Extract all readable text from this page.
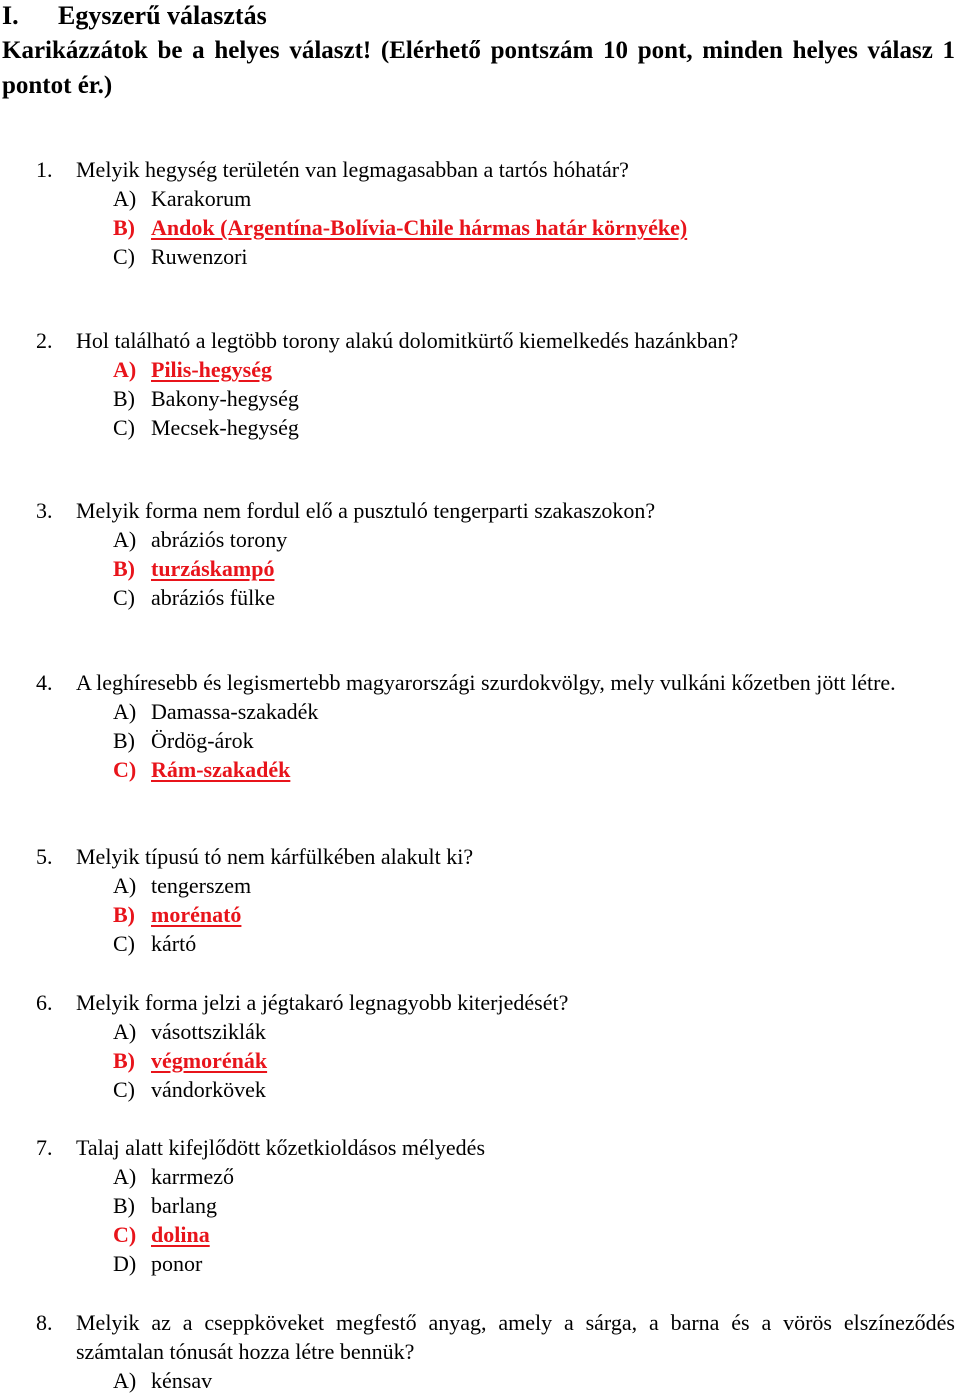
I. Egyszerű választás

Karikázzátok be a helyes választ! (Elérhető pontszám 10 pont, minden helyes válasz 1 pontot ér.)

1. Melyik hegység területén van legmagasabban a tartós hóhatár?

A) Karakorum
B) Andok (Argentína-Bolívia-Chile hármas határ környéke)
C) Ruwenzori

2. Hol található a legtöbb torony alakú dolomitkürtő kiemelkedés hazánkban?

A) Pilis-hegység
B) Bakony-hegység
C) Mecsek-hegység

3. Melyik forma nem fordul elő a pusztuló tengerparti szakaszokon?

A) abráziós torony
B) turzáskampó
C) abráziós fülke

4. A leghíresebb és legismertebb magyarországi szurdokvölgy, mely vulkáni kőzetben jött létre.

A) Damassa-szakadék
B) Ördög-árok
C) Rám-szakadék

5. Melyik típusú tó nem kárfülkében alakult ki?

A) tengerszem
B) morénató
C) kártó

6. Melyik forma jelzi a jégtakaró legnagyobb kiterjedését?

A) vásottsziklák
B) végmorénák
C) vándorkövek

7. Talaj alatt kifejlődött kőzetkioldásos mélyedés

A) karrmező
B) barlang
C) dolina
D) ponor

8. Melyik az a cseppköveket megfestő anyag, amely a sárga, a barna és a vörös elszíneződés számtalan tónusát hozza létre bennük?

A) kénsav
